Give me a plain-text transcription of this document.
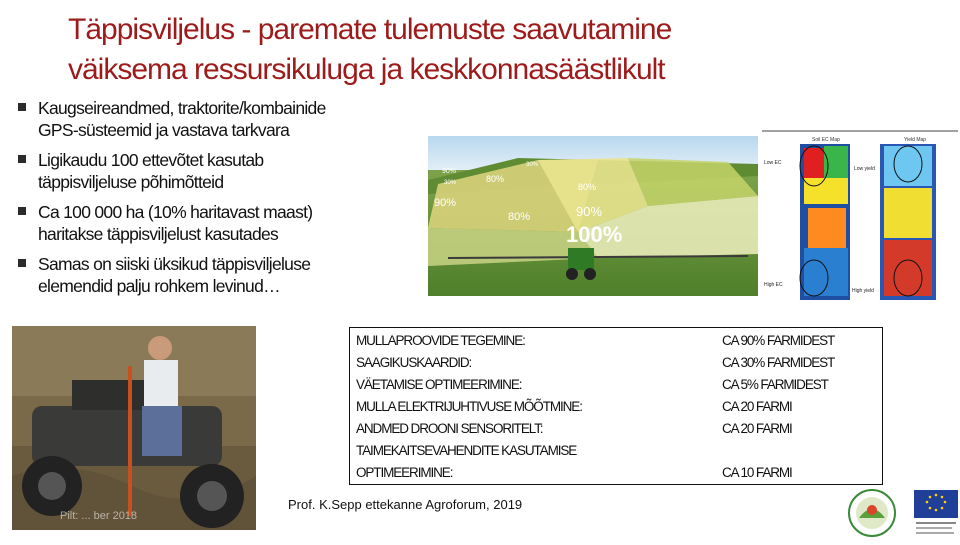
Täppisviljelus - paremate tulemuste saavutamine
väiksema ressursikuluga ja keskkonnasäästlikult
Kaugseireandmed, traktorite/kombainide
GPS-süsteemid ja vastava tarkvara
Ligikaudu 100 ettevõtet kasutab
täppisviljeluse põhimõtteid
Ca 100 000 ha (10% haritavast maast)
haritakse täppisviljelust kasutades
Samas on siiski üksikud täppisviljeluse
elemendid palju rohkem levinud…
30%
30%
90%
80%
80%
90%
80%	90%
100%
Soil EC Map	Yield Map
Low EC
High EC
Low yield
High yield
Pilt: ... ber 2018
MULLAPROOVIDE TEGEMINE:	CA 90% FARMIDEST
SAAGIKUSKAARDID:	CA 30% FARMIDEST
VÄETAMISE OPTIMEERIMINE:	CA 5% FARMIDEST
MULLA ELEKTRIJUHTIVUSE MÕÕTMINE:	CA 20 FARMI
ANDMED DROONI SENSORITELT:	CA 20 FARMI
TAIMEKAITSEVAHENDITE KASUTAMISE
OPTIMEERIMINE:	CA 10 FARMI
Prof. K.Sepp ettekanne Agroforum, 2019
